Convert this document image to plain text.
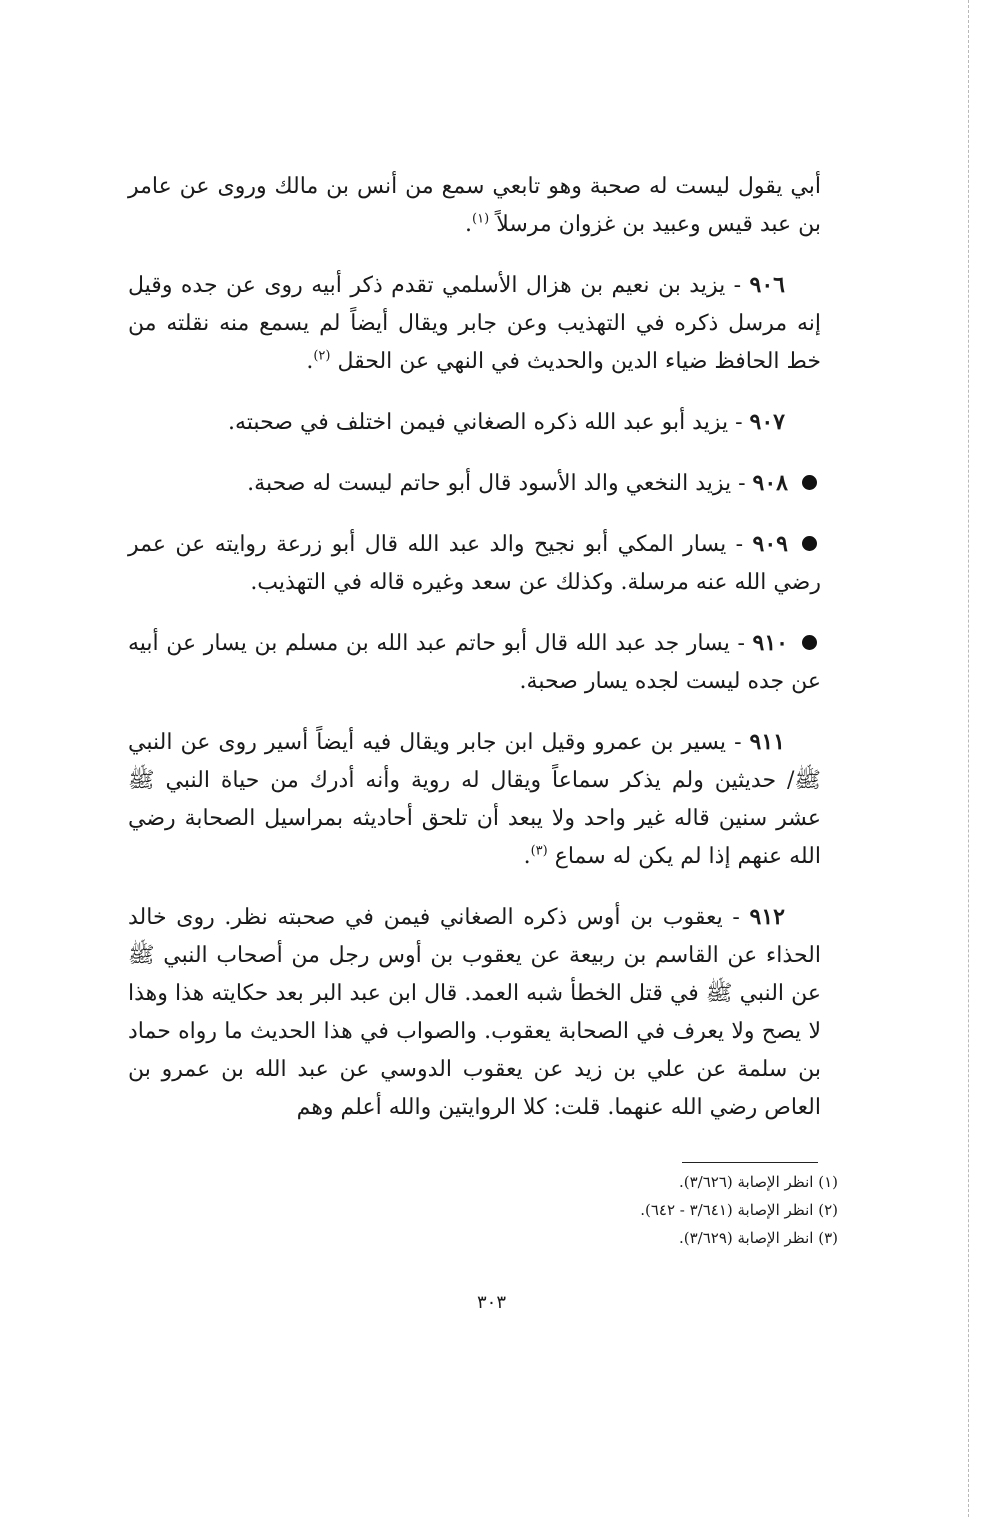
أبي يقول ليست له صحبة وهو تابعي سمع من أنس بن مالك وروى عن عامر بن عبد قيس وعبيد بن غزوان مرسلاً $^{(١)}$.

٩٠٦ - يزيد بن نعيم بن هزال الأسلمي تقدم ذكر أبيه روى عن جده وقيل إنه مرسل ذكره في التهذيب وعن جابر ويقال أيضاً لم يسمع منه نقلته من خط الحافظ ضياء الدين والحديث في النهي عن الحقل $^{(٢)}$.

٩٠٧ - يزيد أبو عبد الله ذكره الصغاني فيمن اختلف في صحبته.

٩٠٨ - يزيد النخعي والد الأسود قال أبو حاتم ليست له صحبة.

٩٠٩ - يسار المكي أبو نجيح والد عبد الله قال أبو زرعة روايته عن عمر رضي الله عنه مرسلة. وكذلك عن سعد وغيره قاله في التهذيب.

٩١٠ - يسار جد عبد الله قال أبو حاتم عبد الله بن مسلم بن يسار عن أبيه عن جده ليست لجده يسار صحبة.

٩١١ - يسير بن عمرو وقيل ابن جابر ويقال فيه أيضاً أسير روى عن النبي ﷺ/ حديثين ولم يذكر سماعاً ويقال له روية وأنه أدرك من حياة النبي ﷺ عشر سنين قاله غير واحد ولا يبعد أن تلحق أحاديثه بمراسيل الصحابة رضي الله عنهم إذا لم يكن له سماع $^{(٣)}$.

٩١٢ - يعقوب بن أوس ذكره الصغاني فيمن في صحبته نظر. روى خالد الحذاء عن القاسم بن ربيعة عن يعقوب بن أوس رجل من أصحاب النبي ﷺ عن النبي ﷺ في قتل الخطأ شبه العمد. قال ابن عبد البر بعد حكايته هذا وهذا لا يصح ولا يعرف في الصحابة يعقوب. والصواب في هذا الحديث ما رواه حماد بن سلمة عن علي بن زيد عن يعقوب الدوسي عن عبد الله بن عمرو بن العاص رضي الله عنهما. قلت: كلا الروايتين والله أعلم وهم

(١) انظر الإصابة (٣/٦٢٦).
(٢) انظر الإصابة (٣/٦٤١ - ٦٤٢).
(٣) انظر الإصابة (٣/٦٢٩).
٣٠٣
